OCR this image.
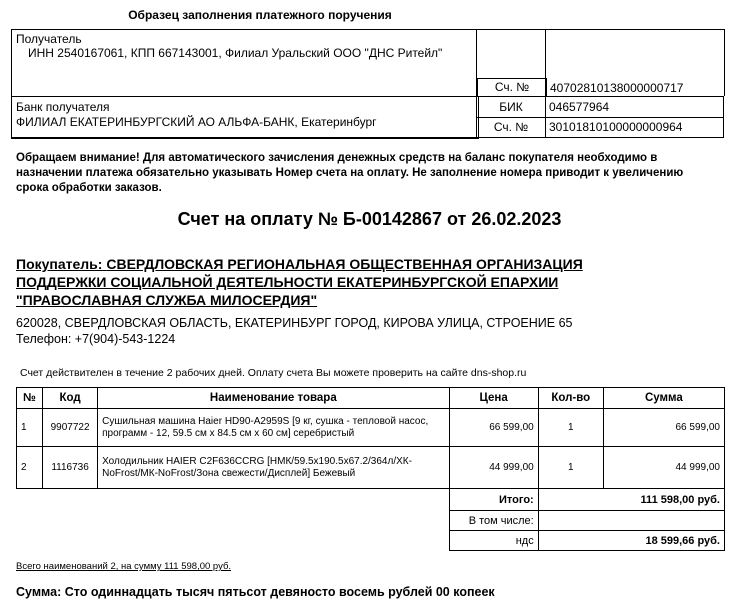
Образец заполнения платежного поручения
Получатель
ИНН 2540167061, КПП 667143001, Филиал Уральский ООО "ДНС Ритейл"
Сч. №	40702810138000000717
Банк получателя
ФИЛИАЛ ЕКАТЕРИНБУРГСКИЙ АО АЛЬФА-БАНК, Екатеринбург
БИК	046577964
Сч. №	30101810100000000964
Обращаем внимание! Для автоматического зачисления денежных средств на баланс покупателя необходимо в назначении платежа обязательно указывать Номер счета на оплату. Не заполнение номера приводит к увеличению срока обработки заказов.
Счет на оплату № Б-00142867 от 26.02.2023
Покупатель: СВЕРДЛОВСКАЯ РЕГИОНАЛЬНАЯ ОБЩЕСТВЕННАЯ ОРГАНИЗАЦИЯ
ПОДДЕРЖКИ СОЦИАЛЬНОЙ ДЕЯТЕЛЬНОСТИ ЕКАТЕРИНБУРГСКОЙ ЕПАРХИИ
"ПРАВОСЛАВНАЯ СЛУЖБА МИЛОСЕРДИЯ"
620028, СВЕРДЛОВСКАЯ ОБЛАСТЬ, ЕКАТЕРИНБУРГ ГОРОД, КИРОВА УЛИЦА, СТРОЕНИЕ 65
Телефон: +7(904)-543-1224
Счет действителен в течение 2 рабочих дней. Оплату счета Вы можете проверить на сайте dns-shop.ru
№	Код	Наименование товара	Цена	Кол-во	Сумма
1	9907722	Сушильная машина Haier HD90-A2959S [9 кг, сушка - тепловой насос, программ - 12, 59.5 см x 84.5 см x 60 см] серебристый	66 599,00	1	66 599,00
2	1116736	Холодильник HAIER C2F636CCRG [НМК/59.5x190.5x67.2/364л/ХК-NoFrost/МК-NoFrost/Зона свежести/Дисплей] Бежевый	44 999,00	1	44 999,00
			Итого:	111 598,00 руб.	
			В том числе:		
			ндс	18 599,66 руб.	
Всего наименований 2, на сумму 111 598,00 руб.
Сумма: Сто одиннадцать тысяч пятьсот девяносто восемь рублей 00 копеек
